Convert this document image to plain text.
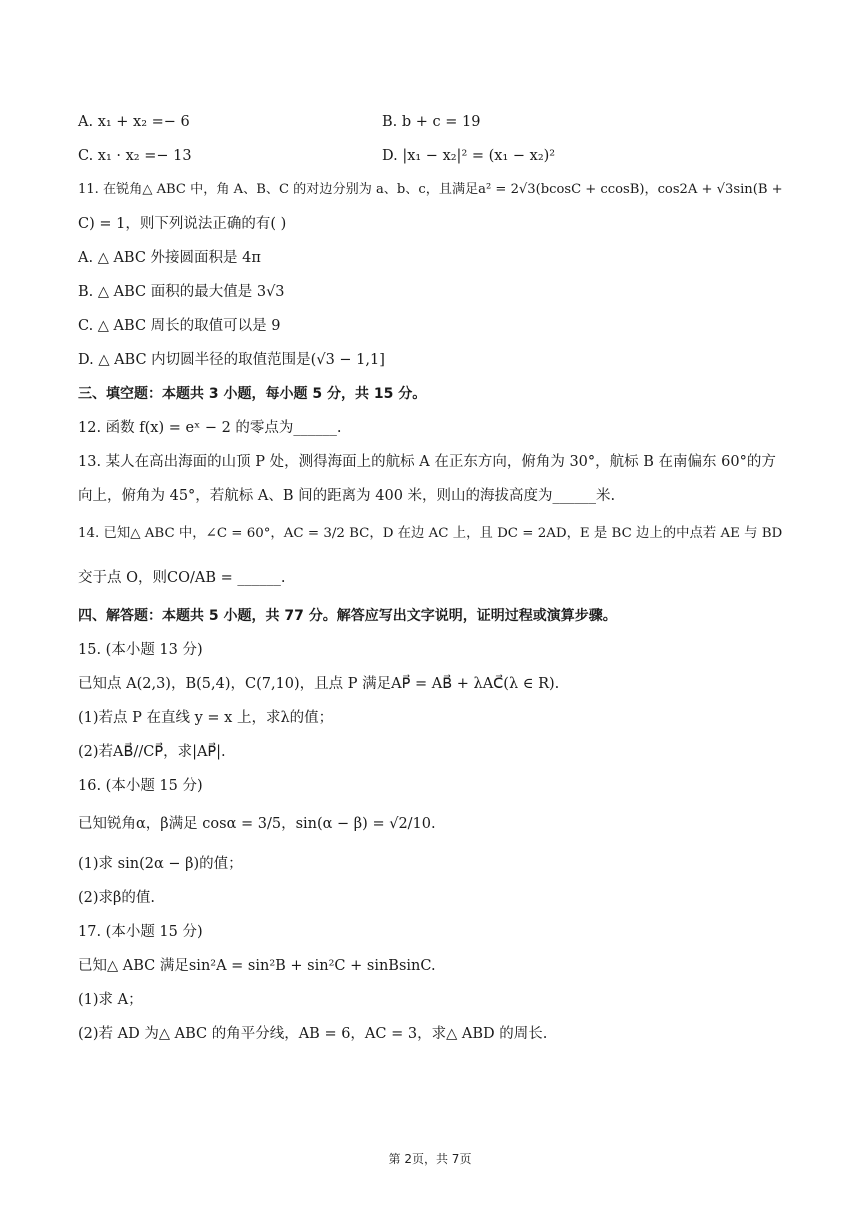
A. x₁ + x₂ =− 6	B. b + c = 19
C. x₁ · x₂ =− 13	D. |x₁ − x₂|² = (x₁ − x₂)²
11. 在锐角△ ABC 中，角 A、B、C 的对边分别为 a、b、c，且满足a² = 2√3(bcosC + ccosB)，cos2A + √3sin(B +
C) = 1，则下列说法正确的有( )
A. △ ABC 外接圆面积是 4π
B. △ ABC 面积的最大值是 3√3
C. △ ABC 周长的取值可以是 9
D. △ ABC 内切圆半径的取值范围是(√3 − 1,1]
三、填空题：本题共 3 小题，每小题 5 分，共 15 分。
12. 函数 f(x) = eˣ − 2 的零点为______.
13. 某人在高出海面的山顶 P 处，测得海面上的航标 A 在正东方向，俯角为 30°，航标 B 在南偏东 60°的方
向上，俯角为 45°，若航标 A、B 间的距离为 400 米，则山的海拔高度为______米.
14. 已知△ ABC 中，∠C = 60°，AC = 3/2 BC，D 在边 AC 上，且 DC = 2AD，E 是 BC 边上的中点若 AE 与 BD
交于点 O，则CO/AB = ______.
四、解答题：本题共 5 小题，共 77 分。解答应写出文字说明，证明过程或演算步骤。
15. (本小题 13 分)
已知点 A(2,3)，B(5,4)，C(7,10)，且点 P 满足AP⃗ = AB⃗ + λAC⃗(λ ∈ R).
(1)若点 P 在直线 y = x 上，求λ的值；
(2)若AB⃗//CP⃗，求|AP⃗|.
16. (本小题 15 分)
已知锐角α，β满足 cosα = 3/5，sin(α − β) = √2/10.
(1)求 sin(2α − β)的值；
(2)求β的值.
17. (本小题 15 分)
已知△ ABC 满足sin²A = sin²B + sin²C + sinBsinC.
(1)求 A；
(2)若 AD 为△ ABC 的角平分线，AB = 6，AC = 3，求△ ABD 的周长.
第 2页，共 7页
